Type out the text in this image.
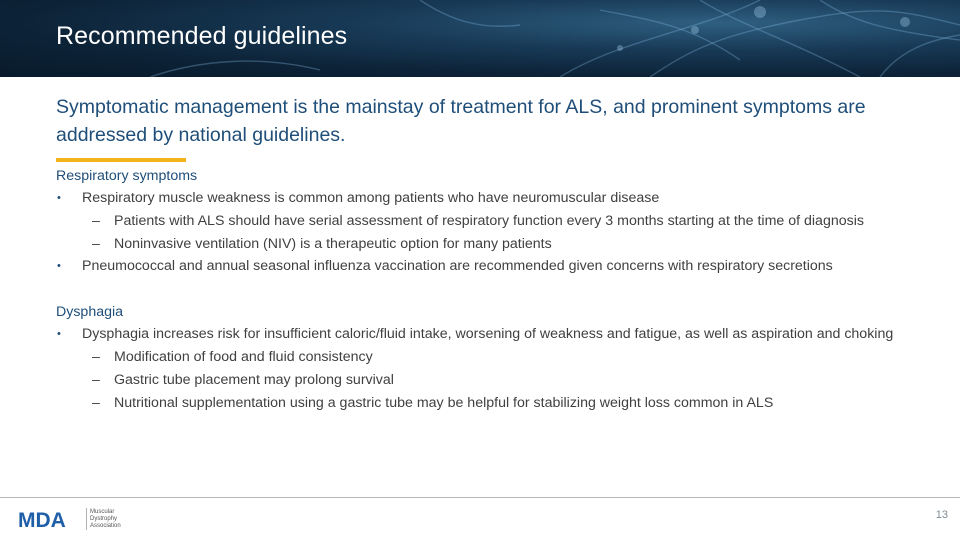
Recommended guidelines

Symptomatic management is the mainstay of treatment for ALS, and prominent symptoms are addressed by national guidelines.

Respiratory symptoms

• Respiratory muscle weakness is common among patients who have neuromuscular disease
– Patients with ALS should have serial assessment of respiratory function every 3 months starting at the time of diagnosis
– Noninvasive ventilation (NIV) is a therapeutic option for many patients
• Pneumococcal and annual seasonal influenza vaccination are recommended given concerns with respiratory secretions

Dysphagia

• Dysphagia increases risk for insufficient caloric/fluid intake, worsening of weakness and fatigue, as well as aspiration and choking
– Modification of food and fluid consistency
– Gastric tube placement may prolong survival
– Nutritional supplementation using a gastric tube may be helpful for stabilizing weight loss common in ALS
MDA	Muscular
Dystrophy
Association
13
